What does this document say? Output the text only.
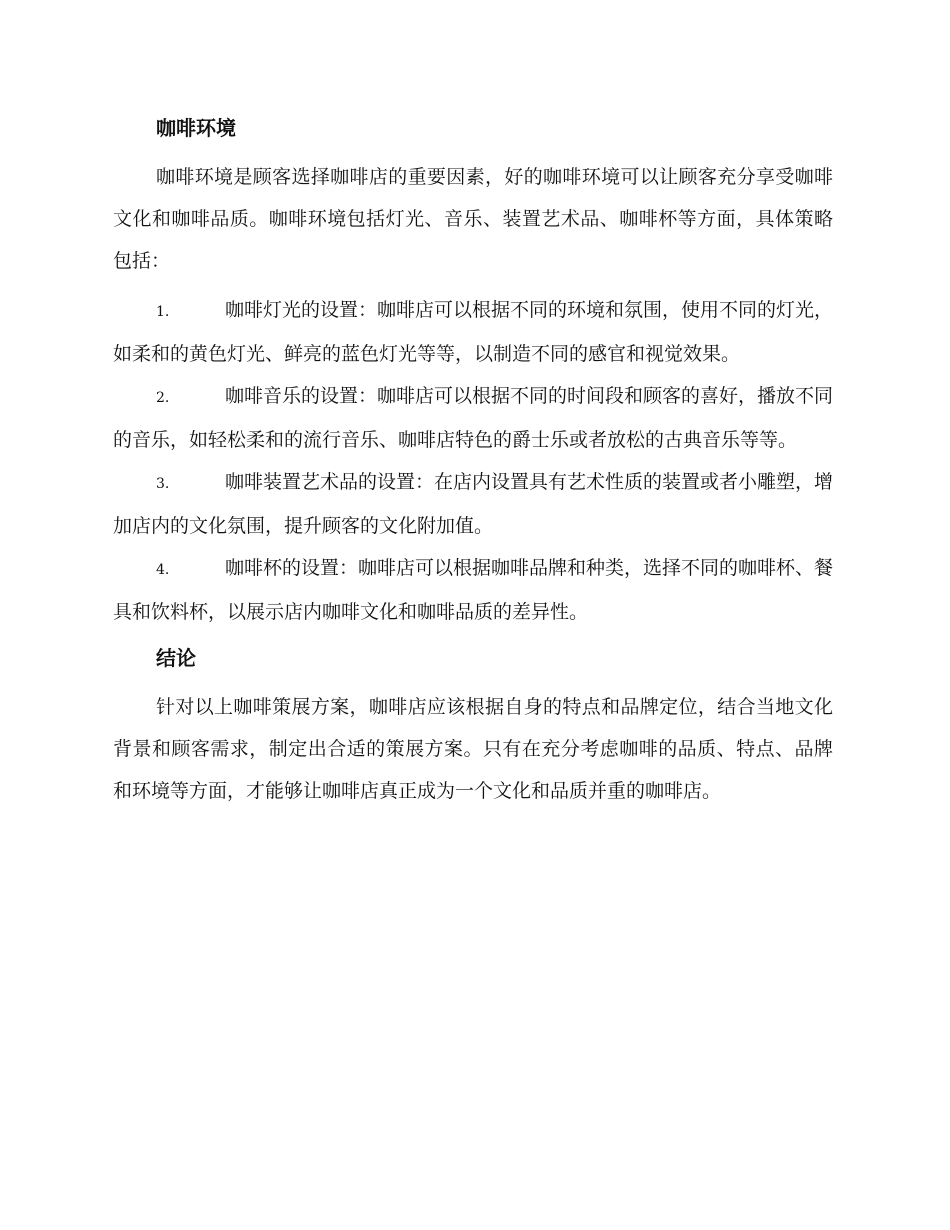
咖啡环境

咖啡环境是顾客选择咖啡店的重要因素，好的咖啡环境可以让顾客充分享受咖啡文化和咖啡品质。咖啡环境包括灯光、音乐、装置艺术品、咖啡杯等方面，具体策略包括：

1.	咖啡灯光的设置：咖啡店可以根据不同的环境和氛围，使用不同的灯光，如柔和的黄色灯光、鲜亮的蓝色灯光等等，以制造不同的感官和视觉效果。

2.	咖啡音乐的设置：咖啡店可以根据不同的时间段和顾客的喜好，播放不同的音乐，如轻松柔和的流行音乐、咖啡店特色的爵士乐或者放松的古典音乐等等。

3.	咖啡装置艺术品的设置：在店内设置具有艺术性质的装置或者小雕塑，增加店内的文化氛围，提升顾客的文化附加值。

4.	咖啡杯的设置：咖啡店可以根据咖啡品牌和种类，选择不同的咖啡杯、餐具和饮料杯，以展示店内咖啡文化和咖啡品质的差异性。

结论

针对以上咖啡策展方案，咖啡店应该根据自身的特点和品牌定位，结合当地文化背景和顾客需求，制定出合适的策展方案。只有在充分考虑咖啡的品质、特点、品牌和环境等方面，才能够让咖啡店真正成为一个文化和品质并重的咖啡店。
